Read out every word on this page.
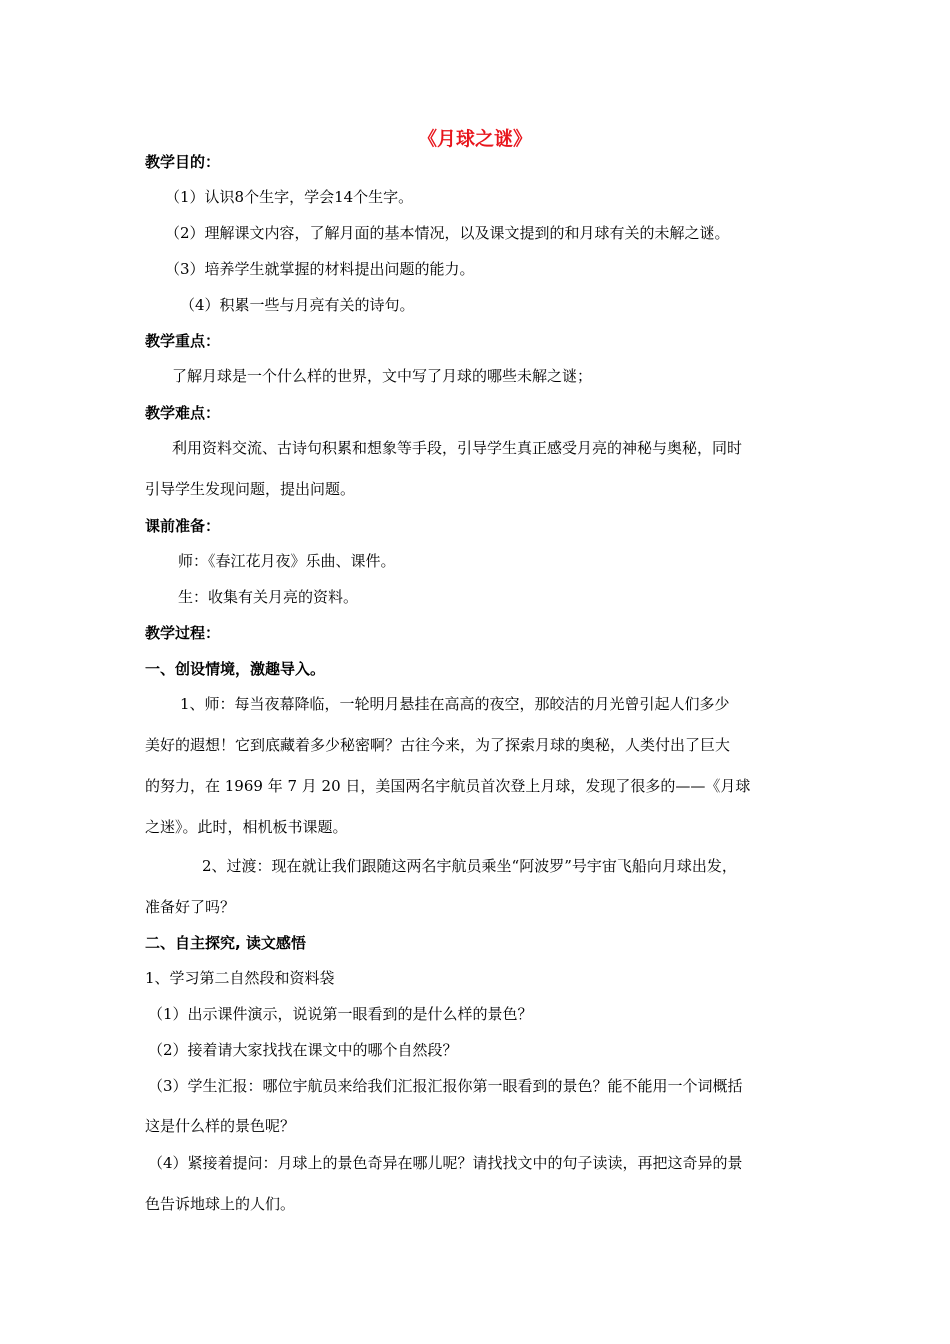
《月球之谜》
教学目的：
（1）认识8个生字，学会14个生字。
（2）理解课文内容，了解月面的基本情况，以及课文提到的和月球有关的未解之谜。
（3）培养学生就掌握的材料提出问题的能力。
（4）积累一些与月亮有关的诗句。
教学重点：
了解月球是一个什么样的世界，文中写了月球的哪些未解之谜；
教学难点：
利用资料交流、古诗句积累和想象等手段，引导学生真正感受月亮的神秘与奥秘，同时
引导学生发现问题，提出问题。
课前准备：
师：《春江花月夜》乐曲、课件。
生：收集有关月亮的资料。
教学过程：
一、创设情境，激趣导入。
1、师：每当夜幕降临，一轮明月悬挂在高高的夜空，那皎洁的月光曾引起人们多少
美好的遐想！它到底藏着多少秘密啊？古往今来，为了探索月球的奥秘，人类付出了巨大
的努力，在 1969 年 7 月 20 日，美国两名宇航员首次登上月球，发现了很多的——《月球
之迷》。此时，相机板书课题。
2、过渡：现在就让我们跟随这两名宇航员乘坐“阿波罗”号宇宙飞船向月球出发，
准备好了吗？
二、自主探究, 读文感悟
1、学习第二自然段和资料袋
（1）出示课件演示，说说第一眼看到的是什么样的景色？
（2）接着请大家找找在课文中的哪个自然段？
（3）学生汇报：哪位宇航员来给我们汇报汇报你第一眼看到的景色？能不能用一个词概括
这是什么样的景色呢？
（4）紧接着提问：月球上的景色奇异在哪儿呢？请找找文中的句子读读，再把这奇异的景
色告诉地球上的人们。
